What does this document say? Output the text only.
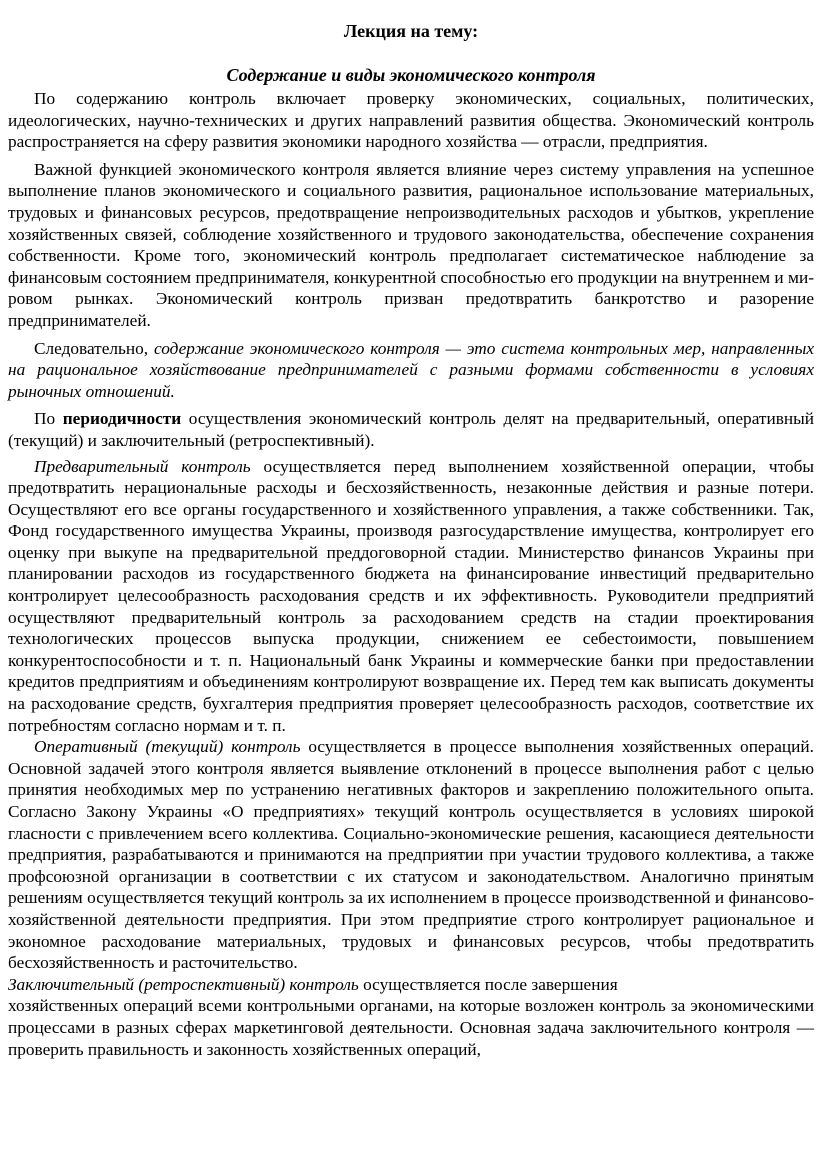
Лекция на тему:
Содержание и виды экономического контроля

По содержанию контроль включает проверку экономических, социальных, политических, идеологических, научно-технических и других направлений развития общества. Экономический контроль распространяется на сферу развития экономики народного хозяйства — отрасли, предприятия.

Важной функцией экономического контроля является влияние через систему управления на успешное выполнение планов экономического и социального развития, рациональное использование материальных, трудовых и финансовых ресурсов, предотвращение непроизводительных расходов и убытков, укрепление хозяйственных связей, соблюдение хозяйственного и трудового законодательства, обеспечение сохранения собственности. Кроме того, экономический контроль предполагает систематическое наблюдение за финансовым состоянием предпринимателя, конкурентной способностью его продукции на внутреннем и мировом рынках. Экономический контроль призван предотвратить банкротство и разорение предпринимателей.

Следовательно, содержание экономического контроля — это система контрольных мер, направленных на рациональное хозяйствование предпринимателей с разными формами собственности в условиях рыночных отношений.

По периодичности осуществления экономический контроль делят на предварительный, оперативный (текущий) и заключительный (ретроспективный).

Предварительный контроль осуществляется перед выполнением хозяйственной операции, чтобы предотвратить нерациональные расходы и бесхозяйственность, незаконные действия и разные потери. Осуществляют его все органы государственного и хозяйственного управления, а также собственники. Так, Фонд государственного имущества Украины, производя разгосударствление имущества, контролирует его оценку при выкупе на предварительной преддоговорной стадии. Министерство финансов Украины при планировании расходов из государственного бюджета на финансирование инвестиций предварительно контролирует целесообразность расходования средств и их эффективность. Руководители предприятий осуществляют предварительный контроль за расходованием средств на стадии проектирования технологических процессов выпуска продукции, снижением ее себестоимости, повышением конкурентоспособности и т. п. Национальный банк Украины и коммерческие банки при предоставлении кредитов предприятиям и объединениям контролируют возвращение их. Перед тем как выписать документы на расходование средств, бухгалтерия предприятия проверяет целесообразность расходов, соответствие их потребностям согласно нормам и т. п.

Оперативный (текущий) контроль осуществляется в процессе выполнения хозяйственных операций. Основной задачей этого контроля является выявление отклонений в процессе выполнения работ с целью принятия необходимых мер по устранению негативных факторов и закреплению положительного опыта. Согласно Закону Украины «О предприятиях» текущий контроль осуществляется в условиях широкой гласности с привлечением всего коллектива. Социально-экономические решения, касающиеся деятельности предприятия, разрабатываются и принимаются на предприятии при участии трудового коллектива, а также профсоюзной организации в соответствии с их статусом и законодательством. Аналогично принятым решениям осуществляется текущий контроль за их исполнением в процессе производственной и финансово-хозяйственной деятельности предприятия. При этом предприятие строго контролирует рациональное и экономное расходование материальных, трудовых и финансовых ресурсов, чтобы предотвратить бесхозяйственность и расточительство.

Заключительный (ретроспективный) контроль осуществляется после завершения

хозяйственных операций всеми контрольными органами, на которые возложен контроль за экономическими процессами в разных сферах маркетинговой деятельности. Основная задача заключительного контроля — проверить правильность и законность хозяйственных операций,
